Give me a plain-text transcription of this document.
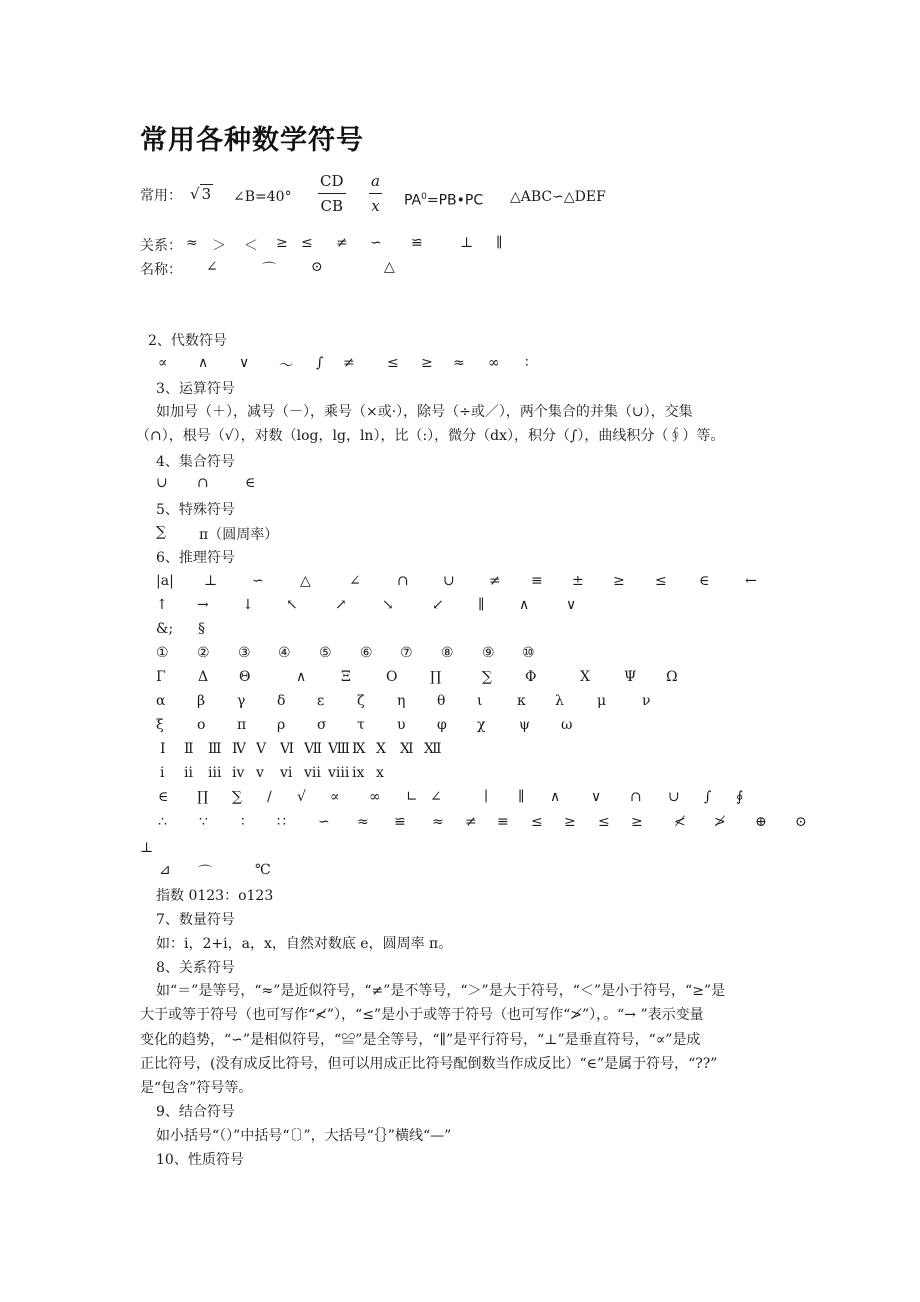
常用各种数学符号
常用： √ 3 ∠B=40° $\frac{CD}{CB} \frac{a}{x}$ $PA^0=PB•PC$ △ABC∽△DEF
关系： ≈ ＞ ＜ ≥ ≤ ≠ ∽ ≌	⊥ ∥
名称： ∠	⌒	⊙	△
2、代数符号
∝ ∧ ∨ ～ ∫ ≠ ≤ ≥ ≈ ∞ ∶
3、运算符号

如加号（＋），减号（－），乘号（×或·），除号（÷或／），两个集合的并集（∪），交集

（∩），根号（√），对数（log，lg，ln），比（:），微分（dx），积分（∫），曲线积分（∮）等。

4、集合符号
∪ ∩	∈
5、特殊符号
∑ π（圆周率）
6、推理符号
|a| ⊥ ∽	△	∠	∩ ∪ ≠ ≡ ± ≥ ≤ ∈	←
↑ → ↓ ↖	↗	↘	↙ ∥ ∧	∨
&; §
① ② ③ ④ ⑤ ⑥ ⑦ ⑧ ⑨ ⑩
Γ Δ Θ	∧ Ξ	Ο ∏	∑ Φ	Χ Ψ Ω
α β γ δ ε ζ η θ ι κ λ μ	ν
ξ ο π ρ σ τ υ φ χ ψ ω
Ⅰ Ⅱ Ⅲ Ⅳ Ⅴ Ⅵ Ⅶ Ⅷ Ⅸ Ⅹ Ⅺ Ⅻ
ⅰ ⅱ ⅲ ⅳ ⅴ ⅵ ⅶ ⅷ ⅸ ⅹ
∈ ∏ ∑ ∕ √ ∝ ∞ ∟ ∠	∣ ∥ ∧ ∨ ∩ ∪ ∫ ∮
∴ ∵ ∶ ∷ ∽ ≈ ≌ ≈ ≠ ≡ ≤ ≥ ≤ ≥ ≮ ≯ ⊕ ⊙
⊥
⊿ ⌒	℃
指数 0123：o123
7、数量符号
如：i，2+i，a，x，自然对数底 e，圆周率 π。
8、关系符号

如“＝”是等号，“≈”是近似符号，“≠”是不等号，“＞”是大于符号，“＜”是小于符号，“≥”是

大于或等于符号（也可写作“≮”），“≤”是小于或等于符号（也可写作“≯”），。“→ ”表示变量

变化的趋势，“∽”是相似符号，“≌”是全等号，“∥”是平行符号，“⊥”是垂直符号，“∝”是成

正比符号，(没有成反比符号，但可以用成正比符号配倒数当作成反比）“∈”是属于符号，“??”

是“包含”符号等。

9、结合符号
如小括号“（）”中括号“〔〕”，大括号“｛｝”横线“—”
10、性质符号
